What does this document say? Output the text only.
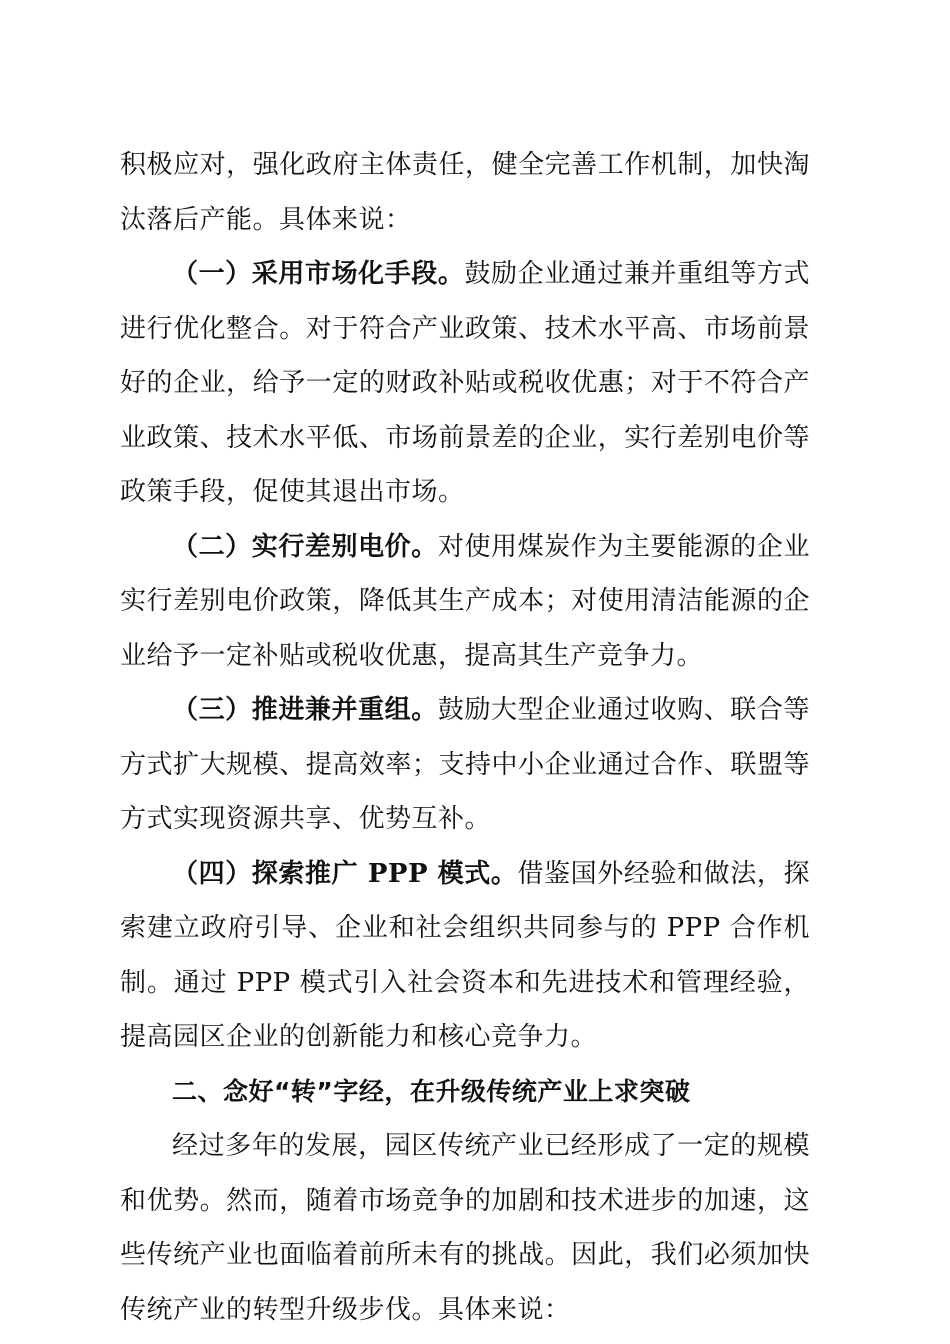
积极应对，强化政府主体责任，健全完善工作机制，加快淘汰落后产能。具体来说：

（一）采用市场化手段。鼓励企业通过兼并重组等方式进行优化整合。对于符合产业政策、技术水平高、市场前景好的企业，给予一定的财政补贴或税收优惠；对于不符合产业政策、技术水平低、市场前景差的企业，实行差别电价等政策手段，促使其退出市场。

（二）实行差别电价。对使用煤炭作为主要能源的企业实行差别电价政策，降低其生产成本；对使用清洁能源的企业给予一定补贴或税收优惠，提高其生产竞争力。

（三）推进兼并重组。鼓励大型企业通过收购、联合等方式扩大规模、提高效率；支持中小企业通过合作、联盟等方式实现资源共享、优势互补。

（四）探索推广 PPP 模式。借鉴国外经验和做法，探索建立政府引导、企业和社会组织共同参与的 PPP 合作机制。通过 PPP 模式引入社会资本和先进技术和管理经验，提高园区企业的创新能力和核心竞争力。

二、念好“转”字经，在升级传统产业上求突破

经过多年的发展，园区传统产业已经形成了一定的规模和优势。然而，随着市场竞争的加剧和技术进步的加速，这些传统产业也面临着前所未有的挑战。因此，我们必须加快传统产业的转型升级步伐。具体来说：
